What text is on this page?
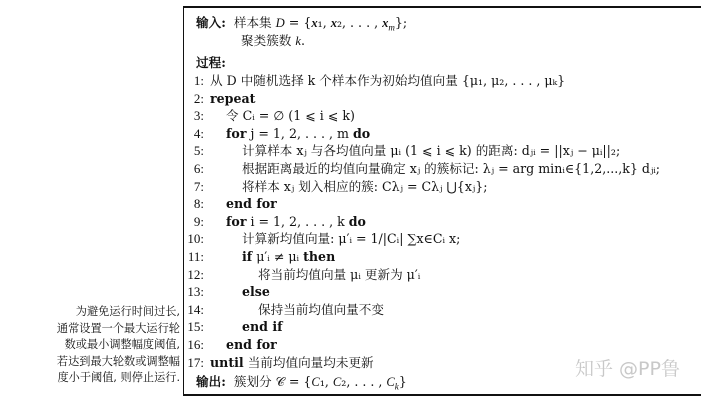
输入: 样本集 D = {x₁, x₂, . . . , $x_m$};
聚类簇数 k.
过程:
1: 从 D 中随机选择 k 个样本作为初始均值向量 {μ₁, μ₂, . . . , μₖ}
2: repeat
3: 令 Cᵢ = ∅ (1 ⩽ i ⩽ k)
4: for j = 1, 2, . . . , m do
5:	计算样本 xⱼ 与各均值向量 μᵢ (1 ⩽ i ⩽ k) 的距离: dⱼᵢ = ||xⱼ − μᵢ||₂;
6:	根据距离最近的均值向量确定 xⱼ 的簇标记: λⱼ = arg minᵢ∈{1,2,...,k} dⱼᵢ;
7:	将样本 xⱼ 划入相应的簇: Cλⱼ = Cλⱼ ⋃{xⱼ};
8: end for
9: for i = 1, 2, . . . , k do
10:	计算新均值向量: μ′ᵢ = 1/|Cᵢ| ∑x∈Cᵢ x;
11:	if μ′ᵢ ≠ μᵢ then
12:	将当前均值向量 μᵢ 更新为 μ′ᵢ
13:	else
14:	保持当前均值向量不变
15:	end if
16: end for
17: until 当前均值向量均未更新
输出: 簇划分 𝒞 = {C₁, C₂, . . . , $C_k$}
为避免运行时间过长,
通常设置一个最大运行轮
数或最小调整幅度阈值,
若达到最大轮数或调整幅
度小于阈值, 则停止运行.	知乎 @PP鲁
